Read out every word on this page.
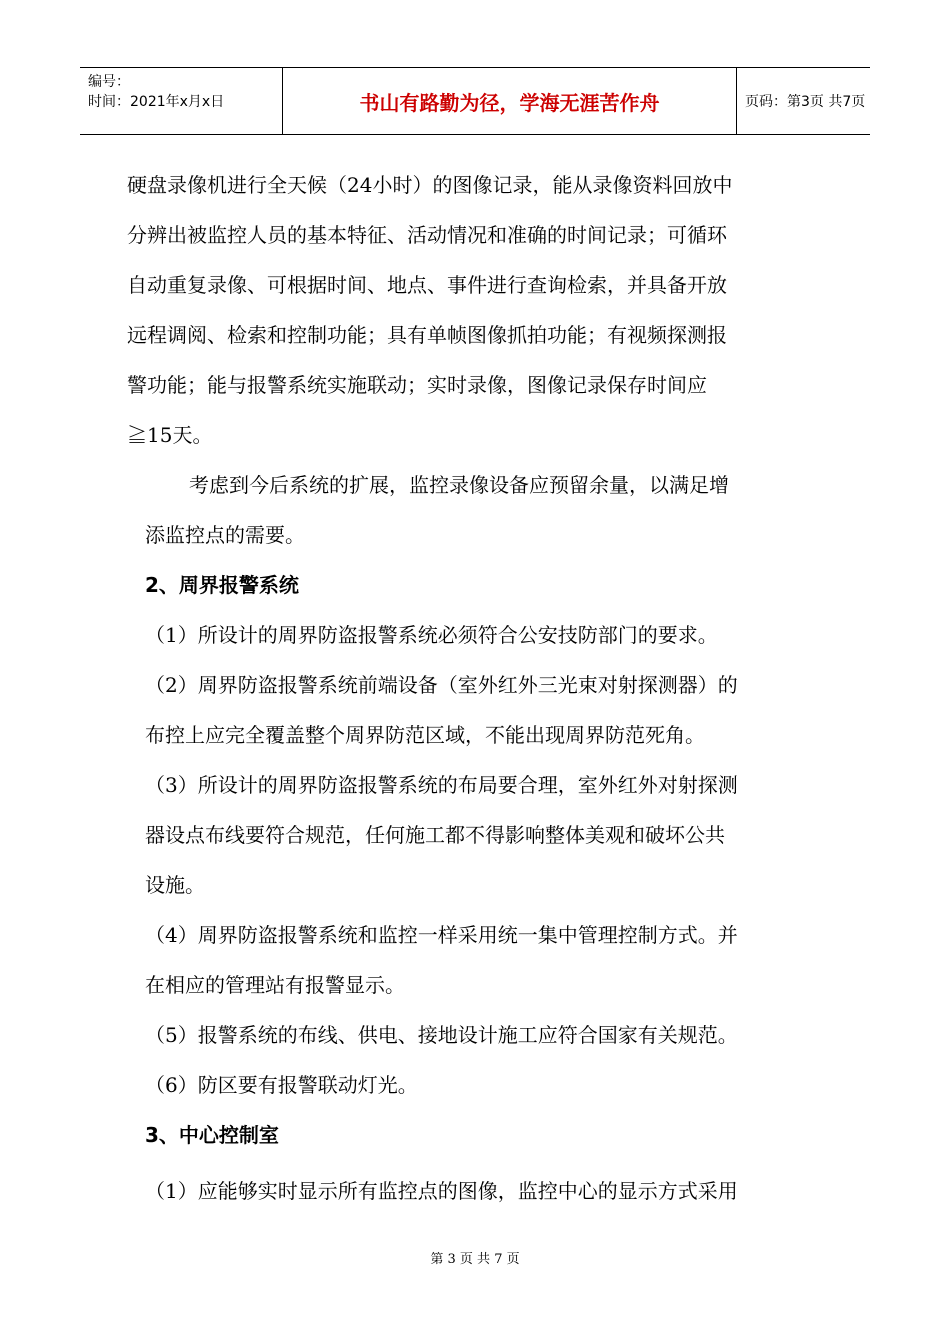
编号：
时间：2021年x月x日	书山有路勤为径，学海无涯苦作舟	页码：第3页 共7页
硬盘录像机进行全天候（24小时）的图像记录，能从录像资料回放中
分辨出被监控人员的基本特征、活动情况和准确的时间记录；可循环
自动重复录像、可根据时间、地点、事件进行查询检索，并具备开放
远程调阅、检索和控制功能；具有单帧图像抓拍功能；有视频探测报
警功能；能与报警系统实施联动；实时录像，图像记录保存时间应
≧15天。
考虑到今后系统的扩展，监控录像设备应预留余量，以满足增
添监控点的需要。
2、周界报警系统
（1）所设计的周界防盗报警系统必须符合公安技防部门的要求。
（2）周界防盗报警系统前端设备（室外红外三光束对射探测器）的
布控上应完全覆盖整个周界防范区域，不能出现周界防范死角。
（3）所设计的周界防盗报警系统的布局要合理，室外红外对射探测
器设点布线要符合规范，任何施工都不得影响整体美观和破坏公共
设施。
（4）周界防盗报警系统和监控一样采用统一集中管理控制方式。并
在相应的管理站有报警显示。
（5）报警系统的布线、供电、接地设计施工应符合国家有关规范。
（6）防区要有报警联动灯光。
3、中心控制室
（1）应能够实时显示所有监控点的图像，监控中心的显示方式采用
第 3 页 共 7 页
